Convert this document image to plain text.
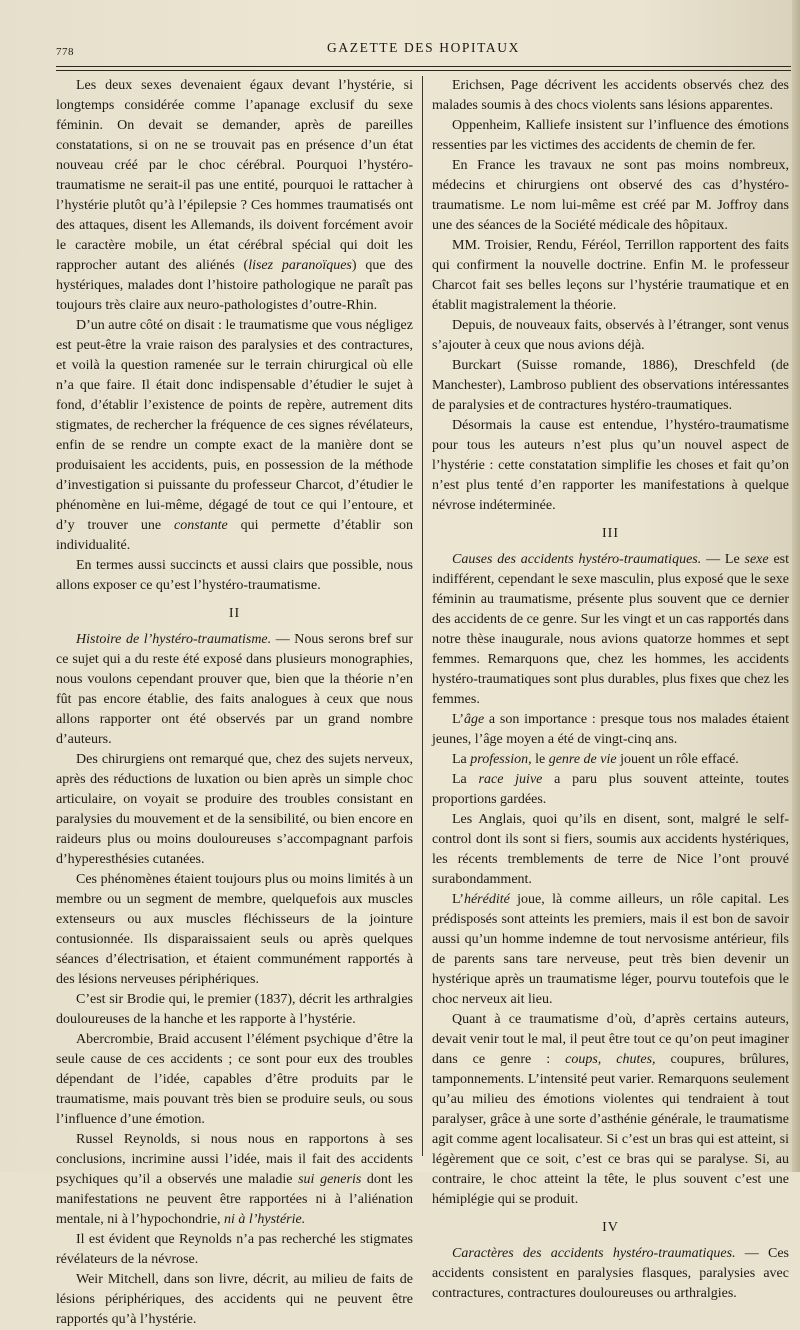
778	GAZETTE DES HOPITAUX

Les deux sexes devenaient égaux devant l’hystérie, si longtemps considérée comme l’apanage exclusif du sexe féminin. On devait se demander, après de pareilles constatations, si on ne se trouvait pas en présence d’un état nouveau créé par le choc cérébral. Pourquoi l’hystéro-traumatisme ne serait-il pas une entité, pourquoi le rattacher à l’hystérie plutôt qu’à l’épilepsie ? Ces hommes traumatisés ont des attaques, disent les Allemands, ils doivent forcément avoir le caractère mobile, un état cérébral spécial qui doit les rapprocher autant des aliénés (lisez paranoïques) que des hystériques, malades dont l’histoire pathologique ne paraît pas toujours très claire aux neuro-pathologistes d’outre-Rhin.

D’un autre côté on disait : le traumatisme que vous négligez est peut-être la vraie raison des paralysies et des contractures, et voilà la question ramenée sur le terrain chirurgical où elle n’a que faire. Il était donc indispensable d’étudier le sujet à fond, d’établir l’existence de points de repère, autrement dits stigmates, de rechercher la fréquence de ces signes révélateurs, enfin de se rendre un compte exact de la manière dont se produisaient les accidents, puis, en possession de la méthode d’investigation si puissante du professeur Charcot, d’étudier le phénomène en lui-même, dégagé de tout ce qui l’entoure, et d’y trouver une constante qui permette d’établir son individualité.

En termes aussi succincts et aussi clairs que possible, nous allons exposer ce qu’est l’hystéro-traumatisme.

II

Histoire de l’hystéro-traumatisme. — Nous serons bref sur ce sujet qui a du reste été exposé dans plusieurs monographies, nous voulons cependant prouver que, bien que la théorie n’en fût pas encore établie, des faits analogues à ceux que nous allons rapporter ont été observés par un grand nombre d’auteurs.

Des chirurgiens ont remarqué que, chez des sujets nerveux, après des réductions de luxation ou bien après un simple choc articulaire, on voyait se produire des troubles consistant en paralysies du mouvement et de la sensibilité, ou bien encore en raideurs plus ou moins douloureuses s’accompagnant parfois d’hyperesthésies cutanées.

Ces phénomènes étaient toujours plus ou moins limités à un membre ou un segment de membre, quelquefois aux muscles extenseurs ou aux muscles fléchisseurs de la jointure contusionnée. Ils disparaissaient seuls ou après quelques séances d’électrisation, et étaient communément rapportés à des lésions nerveuses périphériques.

C’est sir Brodie qui, le premier (1837), décrit les arthralgies douloureuses de la hanche et les rapporte à l’hystérie.

Abercrombie, Braid accusent l’élément psychique d’être la seule cause de ces accidents ; ce sont pour eux des troubles dépendant de l’idée, capables d’être produits par le traumatisme, mais pouvant très bien se produire seuls, ou sous l’influence d’une émotion.

Russel Reynolds, si nous nous en rapportons à ses conclusions, incrimine aussi l’idée, mais il fait des accidents psychiques qu’il a observés une maladie sui generis dont les manifestations ne peuvent être rapportées ni à l’aliénation mentale, ni à l’hypochondrie, ni à l’hystérie.

Il est évident que Reynolds n’a pas recherché les stigmates révélateurs de la névrose.

Weir Mitchell, dans son livre, décrit, au milieu de faits de lésions périphériques, des accidents qui ne peuvent être rapportés qu’à l’hystérie.

Erichsen, Page décrivent les accidents observés chez des malades soumis à des chocs violents sans lésions apparentes.

Oppenheim, Kalliefe insistent sur l’influence des émotions ressenties par les victimes des accidents de chemin de fer.

En France les travaux ne sont pas moins nombreux, médecins et chirurgiens ont observé des cas d’hystéro-traumatisme. Le nom lui-même est créé par M. Joffroy dans une des séances de la Société médicale des hôpitaux.

MM. Troisier, Rendu, Féréol, Terrillon rapportent des faits qui confirment la nouvelle doctrine. Enfin M. le professeur Charcot fait ses belles leçons sur l’hystérie traumatique et en établit magistralement la théorie.

Depuis, de nouveaux faits, observés à l’étranger, sont venus s’ajouter à ceux que nous avions déjà.

Burckart (Suisse romande, 1886), Dreschfeld (de Manchester), Lambroso publient des observations intéressantes de paralysies et de contractures hystéro-traumatiques.

Désormais la cause est entendue, l’hystéro-traumatisme pour tous les auteurs n’est plus qu’un nouvel aspect de l’hystérie : cette constatation simplifie les choses et fait qu’on n’est plus tenté d’en rapporter les manifestations à quelque névrose indéterminée.

III

Causes des accidents hystéro-traumatiques. — Le sexe est indifférent, cependant le sexe masculin, plus exposé que le sexe féminin au traumatisme, présente plus souvent que ce dernier des accidents de ce genre. Sur les vingt et un cas rapportés dans notre thèse inaugurale, nous avions quatorze hommes et sept femmes. Remarquons que, chez les hommes, les accidents hystéro-traumatiques sont plus durables, plus fixes que chez les femmes.

L’âge a son importance : presque tous nos malades étaient jeunes, l’âge moyen a été de vingt-cinq ans.

La profession, le genre de vie jouent un rôle effacé.

La race juive a paru plus souvent atteinte, toutes proportions gardées.

Les Anglais, quoi qu’ils en disent, sont, malgré le self-control dont ils sont si fiers, soumis aux accidents hystériques, les récents tremblements de terre de Nice l’ont prouvé surabondamment.

L’hérédité joue, là comme ailleurs, un rôle capital. Les prédisposés sont atteints les premiers, mais il est bon de savoir aussi qu’un homme indemne de tout nervosisme antérieur, fils de parents sans tare nerveuse, peut très bien devenir un hystérique après un traumatisme léger, pourvu toutefois que le choc nerveux ait lieu.

Quant à ce traumatisme d’où, d’après certains auteurs, devait venir tout le mal, il peut être tout ce qu’on peut imaginer dans ce genre : coups, chutes, coupures, brûlures, tamponnements. L’intensité peut varier. Remarquons seulement qu’au milieu des émotions violentes qui tendraient à tout paralyser, grâce à une sorte d’asthénie générale, le traumatisme agit comme agent localisateur. Si c’est un bras qui est atteint, si légèrement que ce soit, c’est ce bras qui se paralyse. Si, au contraire, le choc atteint la tête, le plus souvent c’est une hémiplégie qui se produit.

IV

Caractères des accidents hystéro-traumatiques. — Ces accidents consistent en paralysies flasques, paralysies avec contractures, contractures douloureuses ou arthralgies.
